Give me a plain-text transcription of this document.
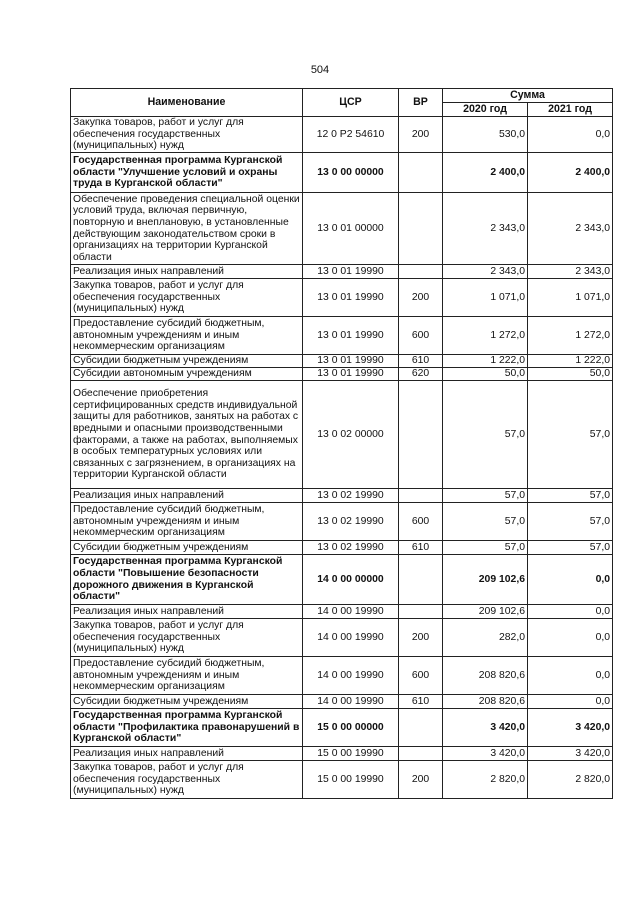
504
Наименование	ЦСР	ВР	Сумма	
			2020 год	2021 год
Закупка товаров, работ и услуг для обеспечения государственных (муниципальных) нужд	12 0 P2 54610	200	530,0	0,0
Государственная программа Курганской области "Улучшение условий и охраны труда в Курганской области"	13 0 00 00000		2 400,0	2 400,0
Обеспечение проведения специальной оценки условий труда, включая первичную, повторную и внеплановую, в установленные действующим законодательством сроки в организациях на территории Курганской области	13 0 01 00000		2 343,0	2 343,0
Реализация иных направлений	13 0 01 19990		2 343,0	2 343,0
Закупка товаров, работ и услуг для обеспечения государственных (муниципальных) нужд	13 0 01 19990	200	1 071,0	1 071,0
Предоставление субсидий бюджетным, автономным учреждениям и иным некоммерческим организациям	13 0 01 19990	600	1 272,0	1 272,0
Субсидии бюджетным учреждениям	13 0 01 19990	610	1 222,0	1 222,0
Субсидии автономным учреждениям	13 0 01 19990	620	50,0	50,0
Обеспечение приобретения сертифицированных средств индивидуальной защиты для работников, занятых на работах с вредными и опасными производственными факторами, а также на работах, выполняемых в особых температурных условиях или связанных с загрязнением, в организациях на территории Курганской области	13 0 02 00000		57,0	57,0
Реализация иных направлений	13 0 02 19990		57,0	57,0
Предоставление субсидий бюджетным, автономным учреждениям и иным некоммерческим организациям	13 0 02 19990	600	57,0	57,0
Субсидии бюджетным учреждениям	13 0 02 19990	610	57,0	57,0
Государственная программа Курганской области "Повышение безопасности дорожного движения в Курганской области"	14 0 00 00000		209 102,6	0,0
Реализация иных направлений	14 0 00 19990		209 102,6	0,0
Закупка товаров, работ и услуг для обеспечения государственных (муниципальных) нужд	14 0 00 19990	200	282,0	0,0
Предоставление субсидий бюджетным, автономным учреждениям и иным некоммерческим организациям	14 0 00 19990	600	208 820,6	0,0
Субсидии бюджетным учреждениям	14 0 00 19990	610	208 820,6	0,0
Государственная программа Курганской области "Профилактика правонарушений в Курганской области"	15 0 00 00000		3 420,0	3 420,0
Реализация иных направлений	15 0 00 19990		3 420,0	3 420,0
Закупка товаров, работ и услуг для обеспечения государственных (муниципальных) нужд	15 0 00 19990	200	2 820,0	2 820,0
